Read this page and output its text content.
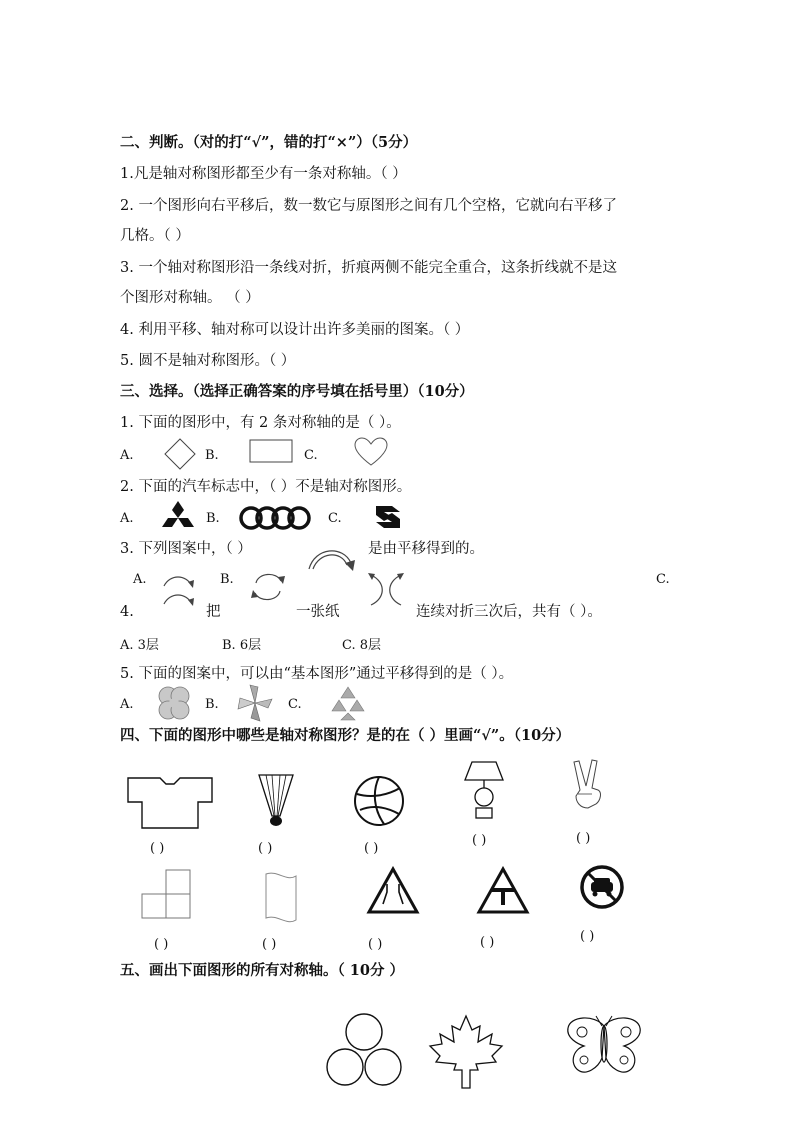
二、判断。（对的打“√”，错的打“×”）（5分）
1.凡是轴对称图形都至少有一条对称轴。（ ）
2. 一个图形向右平移后，数一数它与原图形之间有几个空格，它就向右平移了
几格。（ ）
3. 一个轴对称图形沿一条线对折，折痕两侧不能完全重合，这条折线就不是这
个图形对称轴。 （ ）
4. 利用平移、轴对称可以设计出许多美丽的图案。（ ）
5. 圆不是轴对称图形。（ ）
三、选择。（选择正确答案的序号填在括号里）（10分）
1. 下面的图形中，有 2 条对称轴的是（ ）。
A.	B.	C.
2. 下面的汽车标志中，（ ）不是轴对称图形。
A.	B.	C.
3. 下列图案中，（ ）	是由平移得到的。
A.	B.	C.
4.	把	一张纸	连续对折三次后，共有（ ）。
A. 3层	B. 6层	C. 8层
5. 下面的图案中，可以由“基本图形”通过平移得到的是（ ）。
A.	B.	C.
四、下面的图形中哪些是轴对称图形？是的在（ ）里画“√”。（10分）
( )	( )	( )
( )	( )
( )	( )	( )	( )	( )
五、画出下面图形的所有对称轴。（ 10分 ）
